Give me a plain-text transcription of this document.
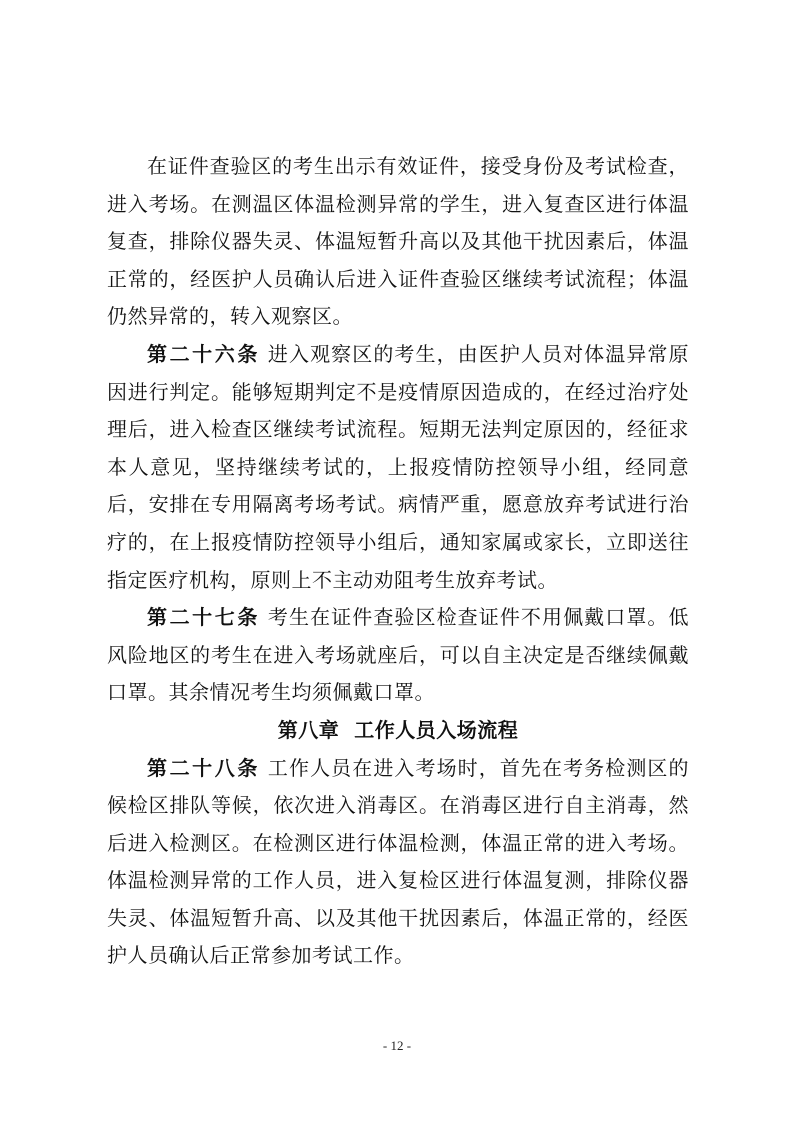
在证件查验区的考生出示有效证件，接受身份及考试检查，进入考场。在测温区体温检测异常的学生，进入复查区进行体温复查，排除仪器失灵、体温短暂升高以及其他干扰因素后，体温正常的，经医护人员确认后进入证件查验区继续考试流程；体温仍然异常的，转入观察区。

第二十六条 进入观察区的考生，由医护人员对体温异常原因进行判定。能够短期判定不是疫情原因造成的，在经过治疗处理后，进入检查区继续考试流程。短期无法判定原因的，经征求本人意见，坚持继续考试的，上报疫情防控领导小组，经同意后，安排在专用隔离考场考试。病情严重，愿意放弃考试进行治疗的，在上报疫情防控领导小组后，通知家属或家长，立即送往指定医疗机构，原则上不主动劝阻考生放弃考试。

第二十七条 考生在证件查验区检查证件不用佩戴口罩。低风险地区的考生在进入考场就座后，可以自主决定是否继续佩戴口罩。其余情况考生均须佩戴口罩。

第八章  工作人员入场流程

第二十八条 工作人员在进入考场时，首先在考务检测区的候检区排队等候，依次进入消毒区。在消毒区进行自主消毒，然后进入检测区。在检测区进行体温检测，体温正常的进入考场。体温检测异常的工作人员，进入复检区进行体温复测，排除仪器失灵、体温短暂升高、以及其他干扰因素后，体温正常的，经医护人员确认后正常参加考试工作。

- 12 -
